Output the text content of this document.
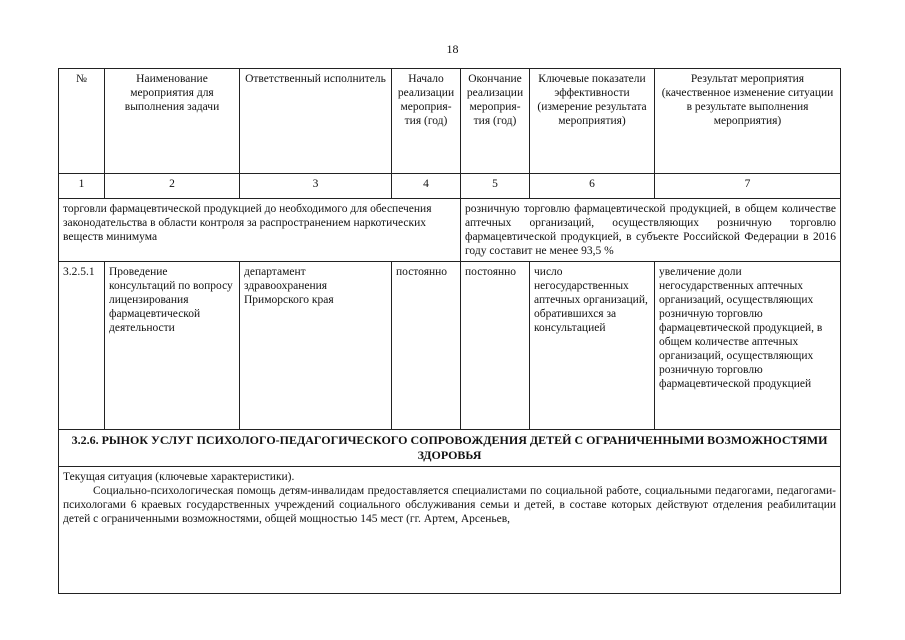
18
№	Наименование мероприятия для выполнения задачи	Ответственный исполнитель	Начало реализации мероприя-тия (год)	Окончание реализации мероприя-тия (год)	Ключевые показатели эффективности (измерение результата мероприятия)	Результат мероприятия (качественное изменение ситуации в результате выполнения мероприятия)
1	2	3	4	5	6	7
торговли фармацевтической продукцией до необходимого для обеспечения законодательства в области контроля за распространением наркотических веществ минимума				розничную торговлю фармацевтической продукцией, в общем количестве аптечных организаций, осуществляющих розничную торговлю фармацевтической продукцией, в субъекте Российской Федерации в 2016 году составит не менее 93,5 %		
3.2.5.1	Проведение консультаций по вопросу лицензирования фармацевтической деятельности	департамент здравоохранения Приморского края	постоянно	постоянно	число негосударственных аптечных организаций, обратившихся за консультацией	увеличение доли негосударственных аптечных организаций, осуществляющих розничную торговлю фармацевтической продукцией, в общем количестве аптечных организаций, осуществляющих розничную торговлю фармацевтической продукцией
3.2.6. РЫНОК УСЛУГ ПСИХОЛОГО-ПЕДАГОГИЧЕСКОГО СОПРОВОЖДЕНИЯ ДЕТЕЙ С ОГРАНИЧЕННЫМИ ВОЗМОЖНОСТЯМИ ЗДОРОВЬЯ						

Текущая ситуация (ключевые характеристики).

Социально-психологическая помощь детям-инвалидам предоставляется специалистами по социальной работе, социальными педагогами, педагогами- психологами 6 краевых государственных учреждений социального обслуживания семьи и детей, в составе которых действуют отделения реабилитации детей с ограниченными возможностями, общей мощностью 145 мест (гг. Артем, Арсеньев,						
